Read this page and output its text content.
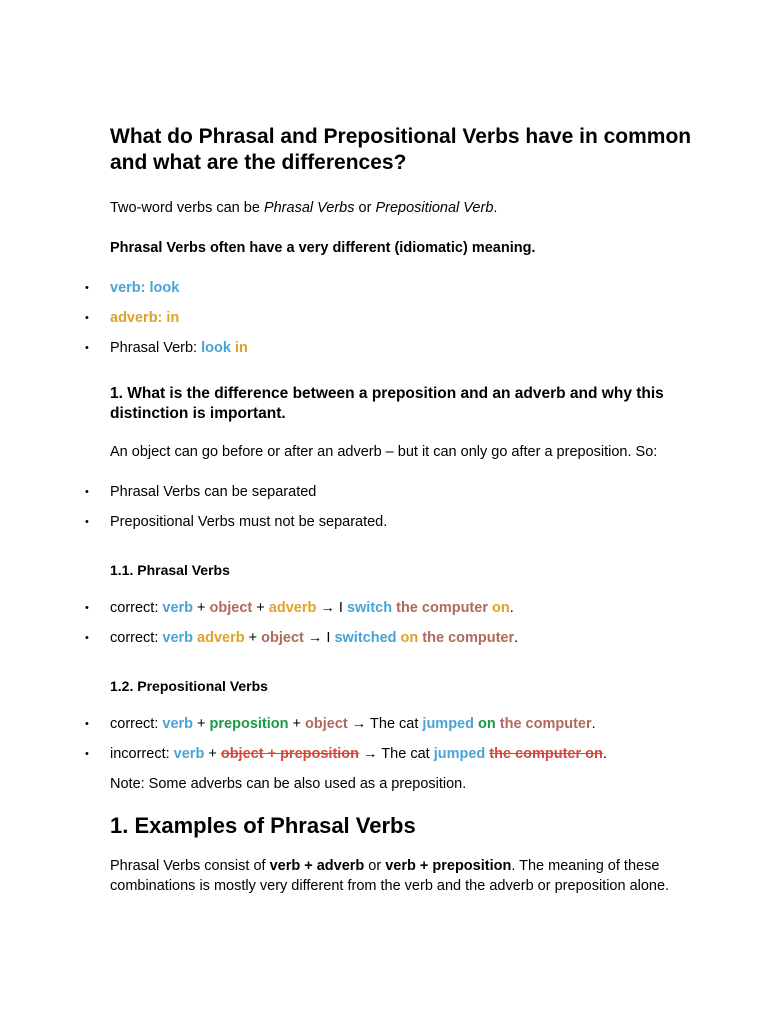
What do Phrasal and Prepositional Verbs have in common and what are the differences?

Two-word verbs can be Phrasal Verbs or Prepositional Verb.

Phrasal Verbs often have a very different (idiomatic) meaning.

• verb: look
• adverb: in
• Phrasal Verb: look in
1. What is the difference between a preposition and an adverb and why this distinction is important.

An object can go before or after an adverb – but it can only go after a preposition. So:

• Phrasal Verbs can be separated
• Prepositional Verbs must not be separated.
1.1. Phrasal Verbs
• correct: verb + object + adverb → I switch the computer on.
• correct: verb adverb + object → I switched on the computer.
1.2. Prepositional Verbs
• correct: verb + preposition + object → The cat jumped on the computer.
• incorrect: verb + object + preposition → The cat jumped the computer on.

Note: Some adverbs can be also used as a preposition.

1. Examples of Phrasal Verbs

Phrasal Verbs consist of verb + adverb or verb + preposition. The meaning of these combinations is mostly very different from the verb and the adverb or preposition alone.
